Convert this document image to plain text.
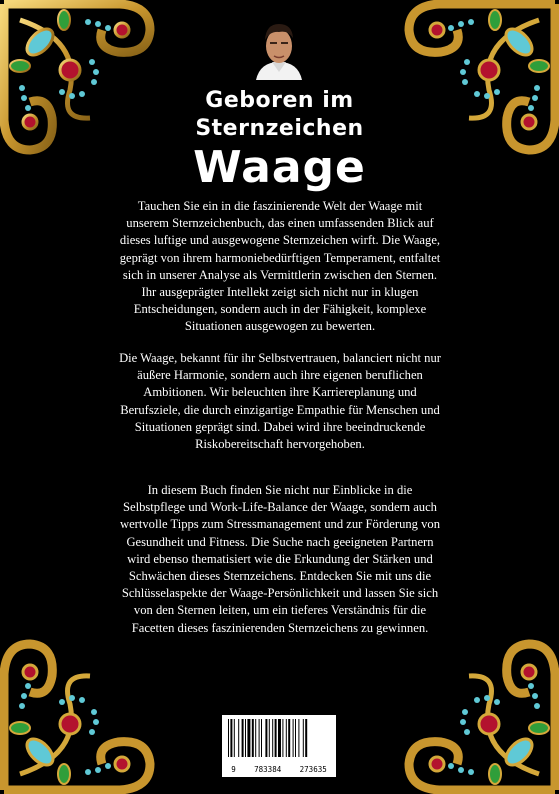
Geboren im
Sternzeichen
Waage
Tauchen Sie ein in die faszinierende Welt der Waage mit unserem Sternzeichenbuch, das einen umfassenden Blick auf dieses luftige und ausgewogene Sternzeichen wirft. Die Waage, geprägt von ihrem harmoniebedürftigen Temperament, entfaltet sich in unserer Analyse als Vermittlerin zwischen den Sternen. Ihr ausgeprägter Intellekt zeigt sich nicht nur in klugen Entscheidungen, sondern auch in der Fähigkeit, komplexe Situationen ausgewogen zu bewerten.
Die Waage, bekannt für ihr Selbstvertrauen, balanciert nicht nur äußere Harmonie, sondern auch ihre eigenen beruflichen Ambitionen. Wir beleuchten ihre Karriereplanung und Berufsziele, die durch einzigartige Empathie für Menschen und Situationen geprägt sind. Dabei wird ihre beeindruckende Riskobereitschaft hervorgehoben.
In diesem Buch finden Sie nicht nur Einblicke in die Selbstpflege und Work-Life-Balance der Waage, sondern auch wertvolle Tipps zum Stressmanagement und zur Förderung von Gesundheit und Fitness. Die Suche nach geeigneten Partnern wird ebenso thematisiert wie die Erkundung der Stärken und Schwächen dieses Sternzeichens. Entdecken Sie mit uns die Schlüsselaspekte der Waage-Persönlichkeit und lassen Sie sich von den Sternen leiten, um ein tieferes Verständnis für die Facetten dieses faszinierenden Sternzeichens zu gewinnen.
9 783384 273635
